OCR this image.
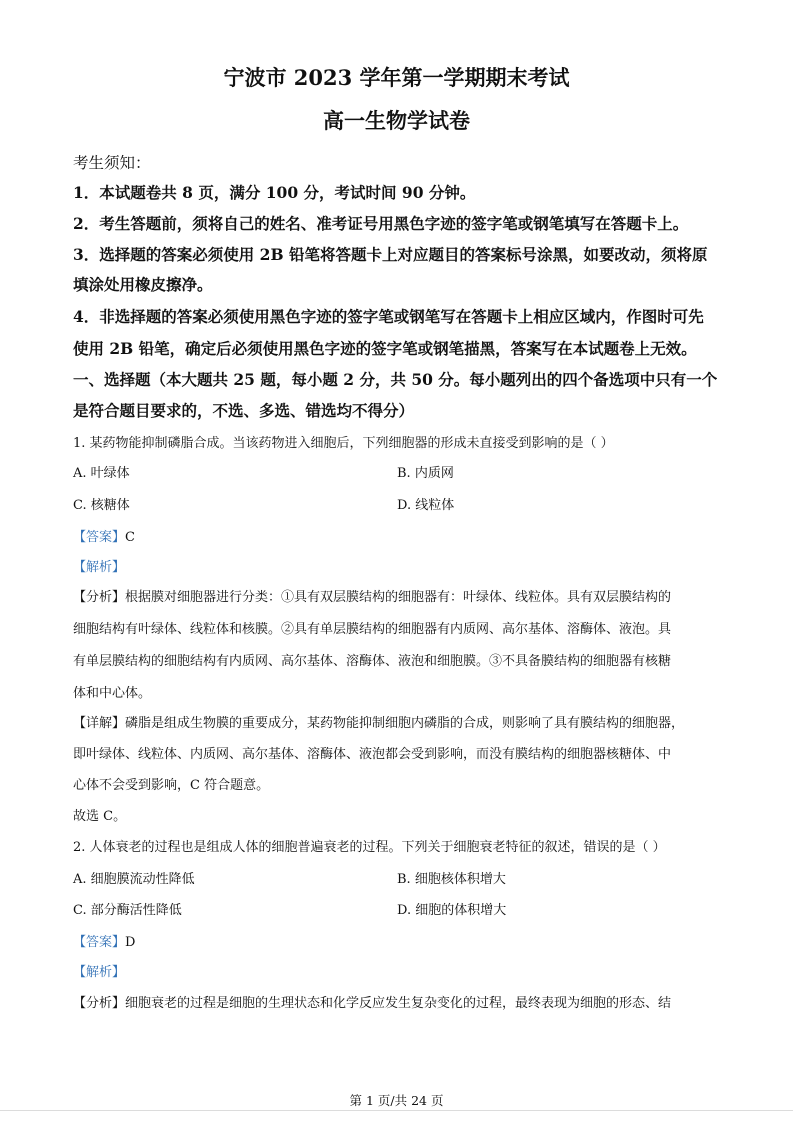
宁波市 2023 学年第一学期期末考试
高一生物学试卷
考生须知：
1．本试题卷共 8 页，满分 100 分，考试时间 90 分钟。
2．考生答题前，须将自己的姓名、准考证号用黑色字迹的签字笔或钢笔填写在答题卡上。
3．选择题的答案必须使用 2B 铅笔将答题卡上对应题目的答案标号涂黑，如要改动，须将原
填涂处用橡皮擦净。
4．非选择题的答案必须使用黑色字迹的签字笔或钢笔写在答题卡上相应区域内，作图时可先
使用 2B 铅笔，确定后必须使用黑色字迹的签字笔或钢笔描黑，答案写在本试题卷上无效。
一、选择题（本大题共 25 题，每小题 2 分，共 50 分。每小题列出的四个备选项中只有一个
是符合题目要求的，不选、多选、错选均不得分）
1. 某药物能抑制磷脂合成。当该药物进入细胞后，下列细胞器的形成未直接受到影响的是（ ）
A. 叶绿体	B. 内质网
C. 核糖体	D. 线粒体
【答案】C
【解析】
【分析】根据膜对细胞器进行分类：①具有双层膜结构的细胞器有：叶绿体、线粒体。具有双层膜结构的
细胞结构有叶绿体、线粒体和核膜。②具有单层膜结构的细胞器有内质网、高尔基体、溶酶体、液泡。具
有单层膜结构的细胞结构有内质网、高尔基体、溶酶体、液泡和细胞膜。③不具备膜结构的细胞器有核糖
体和中心体。
【详解】磷脂是组成生物膜的重要成分，某药物能抑制细胞内磷脂的合成，则影响了具有膜结构的细胞器，
即叶绿体、线粒体、内质网、高尔基体、溶酶体、液泡都会受到影响，而没有膜结构的细胞器核糖体、中
心体不会受到影响，C 符合题意。
故选 C。
2. 人体衰老的过程也是组成人体的细胞普遍衰老的过程。下列关于细胞衰老特征的叙述，错误的是（ ）
A. 细胞膜流动性降低	B. 细胞核体积增大
C. 部分酶活性降低	D. 细胞的体积增大
【答案】D
【解析】
【分析】细胞衰老的过程是细胞的生理状态和化学反应发生复杂变化的过程，最终表现为细胞的形态、结
第 1 页/共 24 页
